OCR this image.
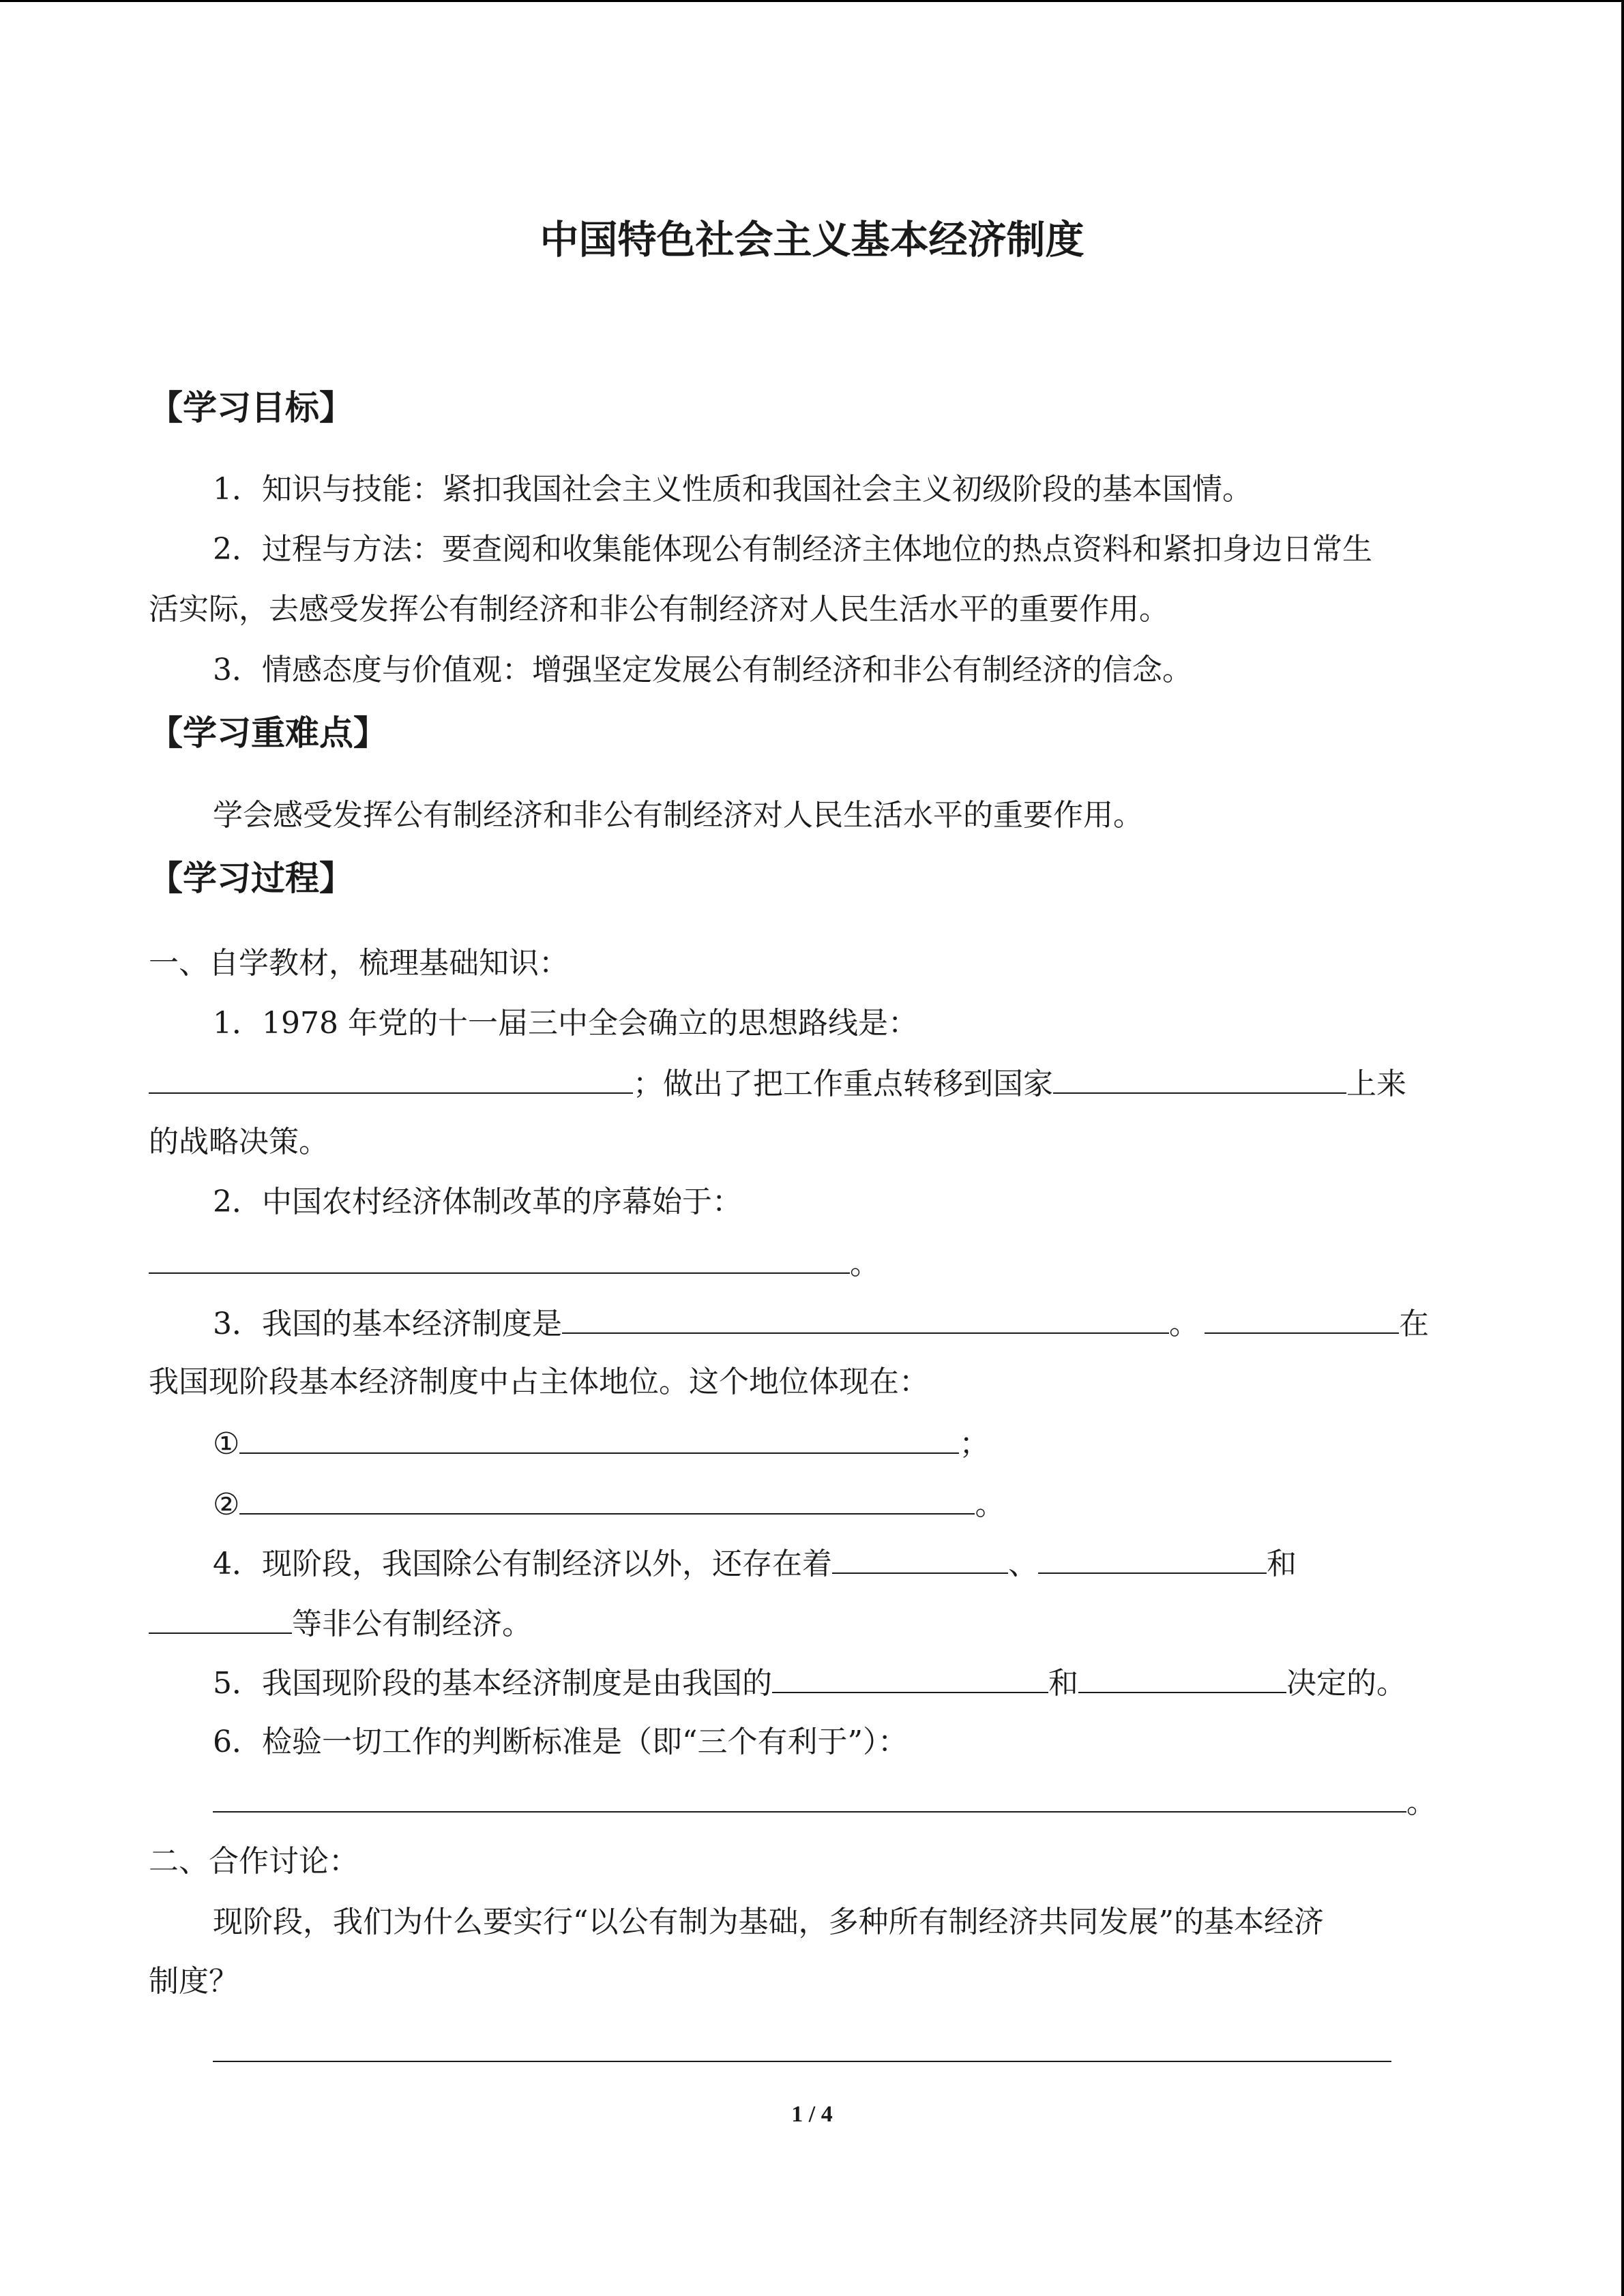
中国特色社会主义基本经济制度
【学习目标】
1．知识与技能：紧扣我国社会主义性质和我国社会主义初级阶段的基本国情。
2．过程与方法：要查阅和收集能体现公有制经济主体地位的热点资料和紧扣身边日常生
活实际，去感受发挥公有制经济和非公有制经济对人民生活水平的重要作用。
3．情感态度与价值观：增强坚定发展公有制经济和非公有制经济的信念。
【学习重难点】
学会感受发挥公有制经济和非公有制经济对人民生活水平的重要作用。
【学习过程】
一、自学教材，梳理基础知识：
1．1978 年党的十一届三中全会确立的思想路线是：
；做出了把工作重点转移到国家	上来
的战略决策。
2．中国农村经济体制改革的序幕始于：
。
3．我国的基本经济制度是	。	在
我国现阶段基本经济制度中占主体地位。这个地位体现在：
①	；
②	。
4．现阶段，我国除公有制经济以外，还存在着	、	和
等非公有制经济。
5．我国现阶段的基本经济制度是由我国的	和	决定的。
6．检验一切工作的判断标准是（即“三个有利于”）：
。
二、合作讨论：
现阶段，我们为什么要实行“以公有制为基础，多种所有制经济共同发展”的基本经济
制度？
1 / 4
